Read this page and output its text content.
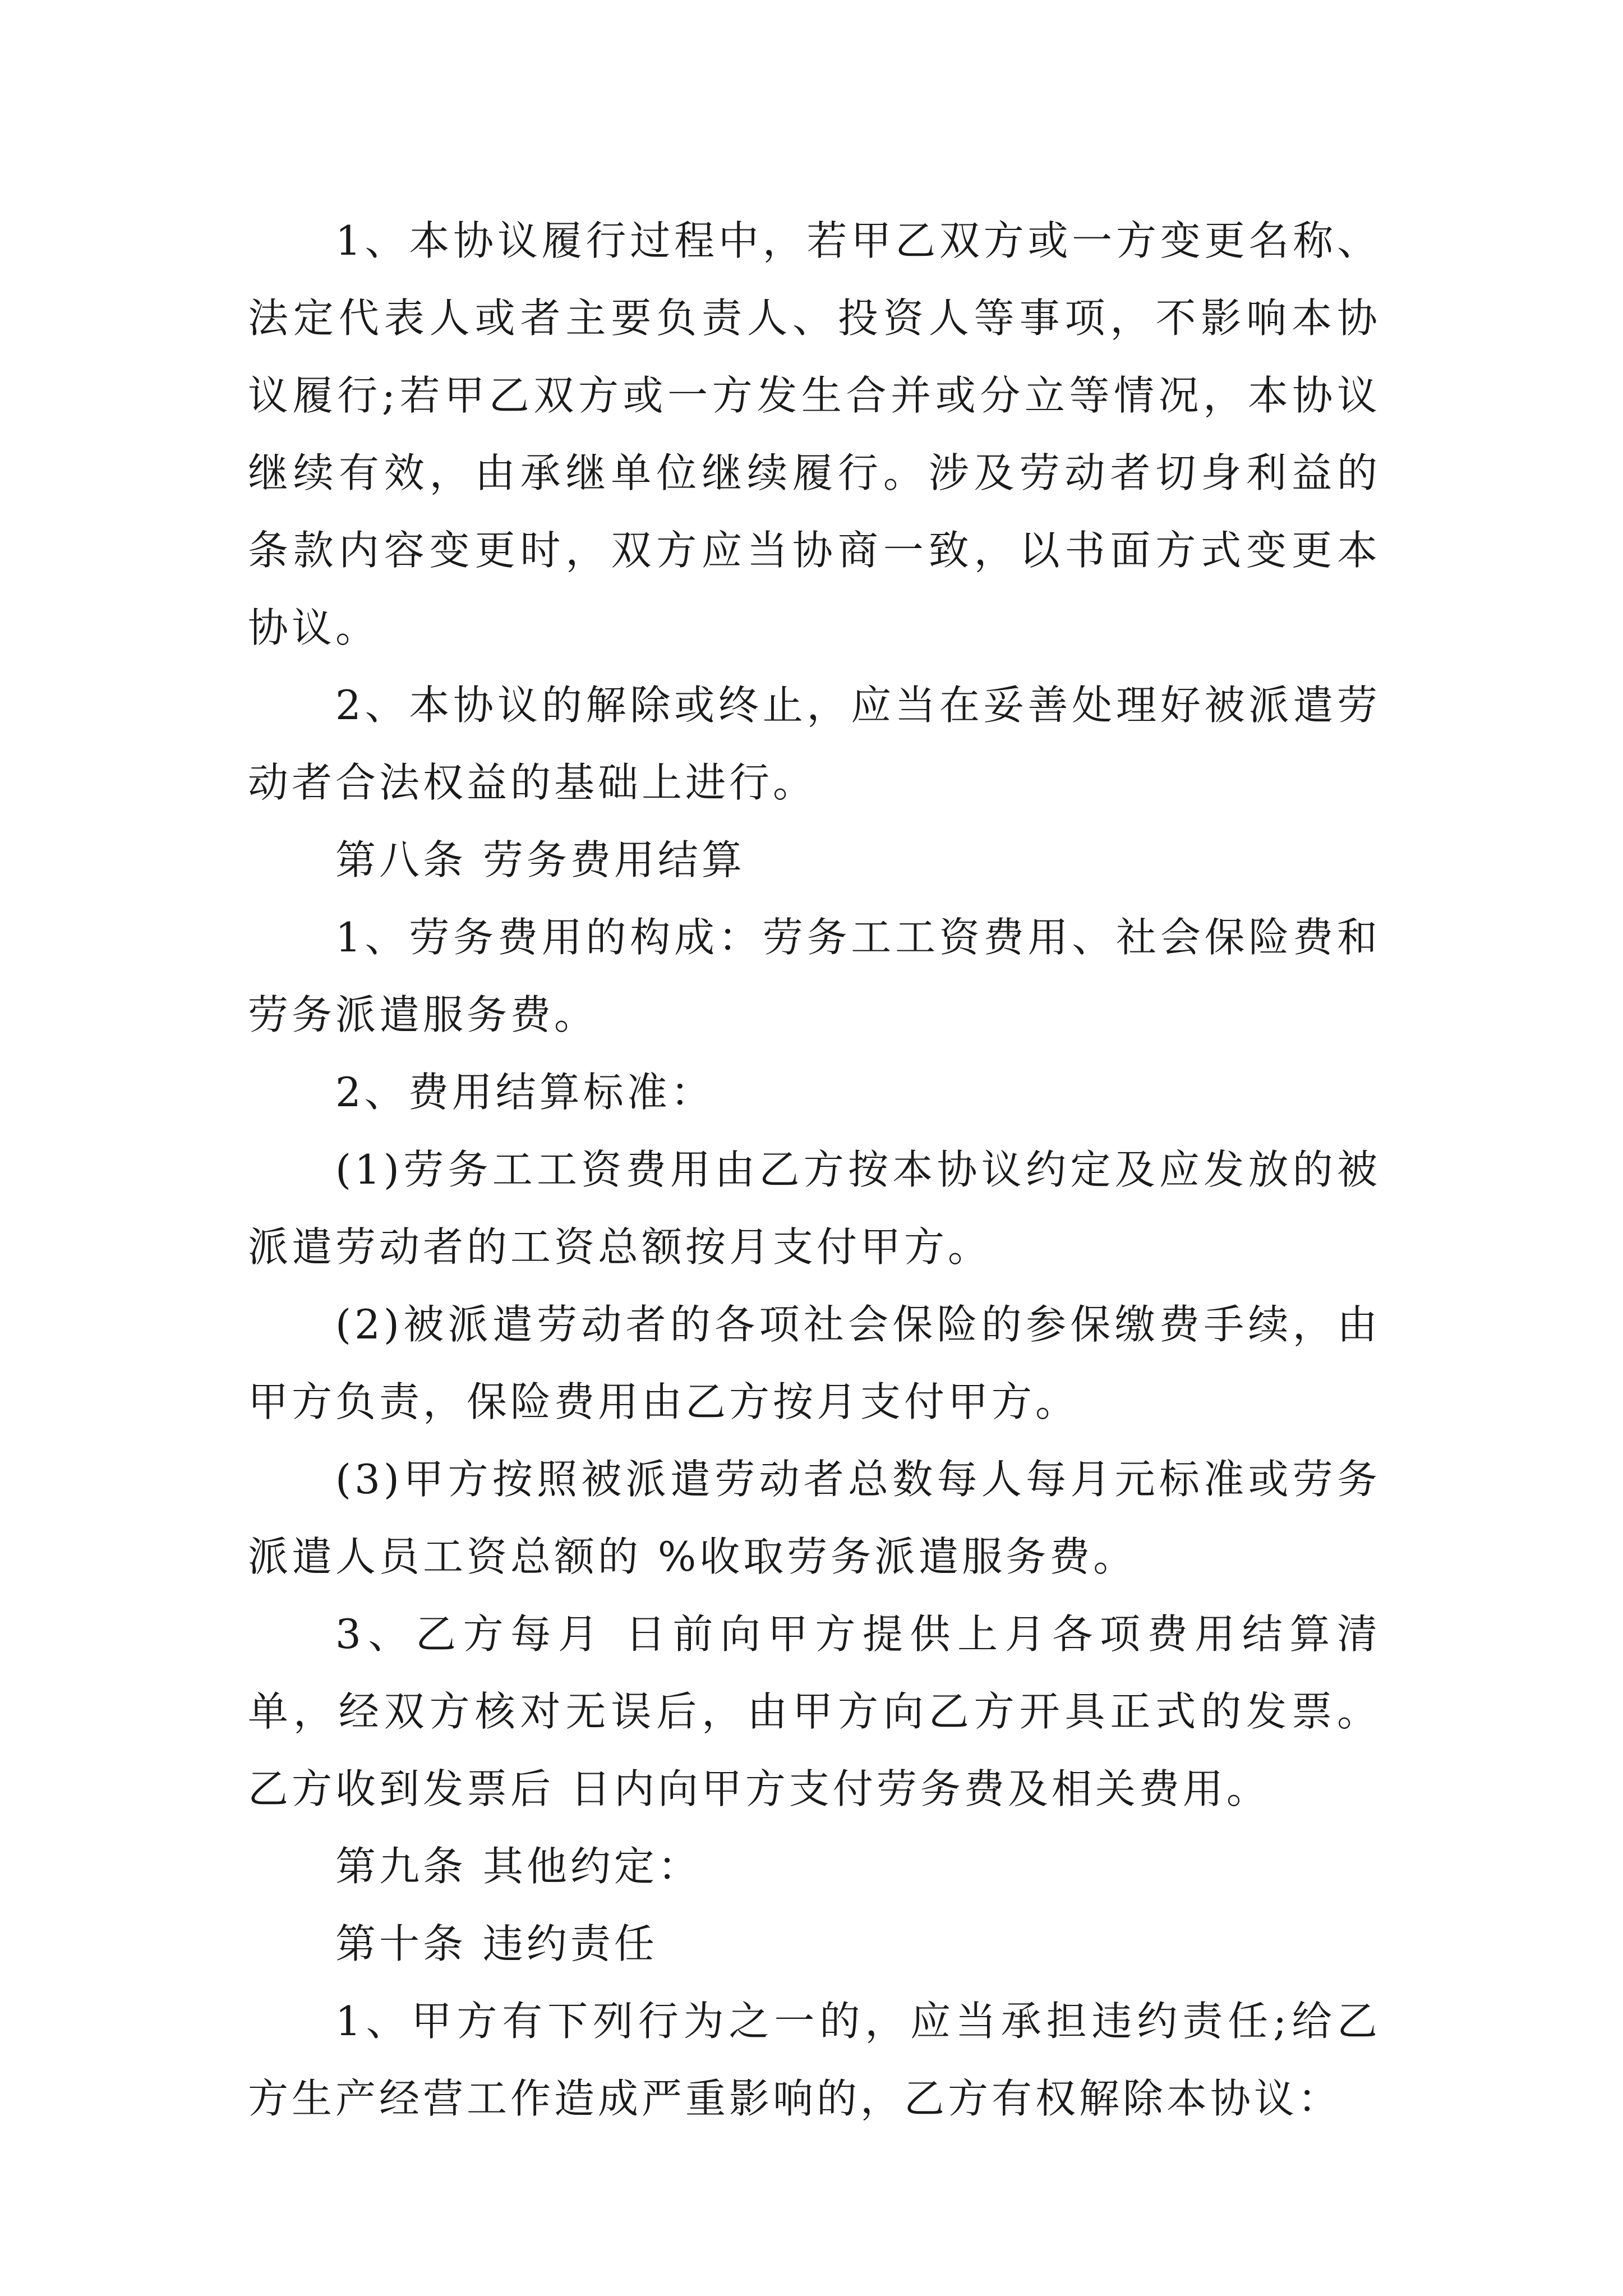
1、本协议履行过程中，若甲乙双方或一方变更名称、法定代表人或者主要负责人、投资人等事项，不影响本协议履行;若甲乙双方或一方发生合并或分立等情况，本协议继续有效，由承继单位继续履行。涉及劳动者切身利益的条款内容变更时，双方应当协商一致，以书面方式变更本协议。

2、本协议的解除或终止，应当在妥善处理好被派遣劳动者合法权益的基础上进行。

第八条 劳务费用结算

1、劳务费用的构成：劳务工工资费用、社会保险费和劳务派遣服务费。

2、费用结算标准：

(1)劳务工工资费用由乙方按本协议约定及应发放的被派遣劳动者的工资总额按月支付甲方。

(2)被派遣劳动者的各项社会保险的参保缴费手续，由甲方负责，保险费用由乙方按月支付甲方。

(3)甲方按照被派遣劳动者总数每人每月元标准或劳务派遣人员工资总额的 %收取劳务派遣服务费。

3、乙方每月 日前向甲方提供上月各项费用结算清单，经双方核对无误后，由甲方向乙方开具正式的发票。乙方收到发票后 日内向甲方支付劳务费及相关费用。

第九条 其他约定：

第十条 违约责任

1、甲方有下列行为之一的，应当承担违约责任;给乙方生产经营工作造成严重影响的，乙方有权解除本协议：
